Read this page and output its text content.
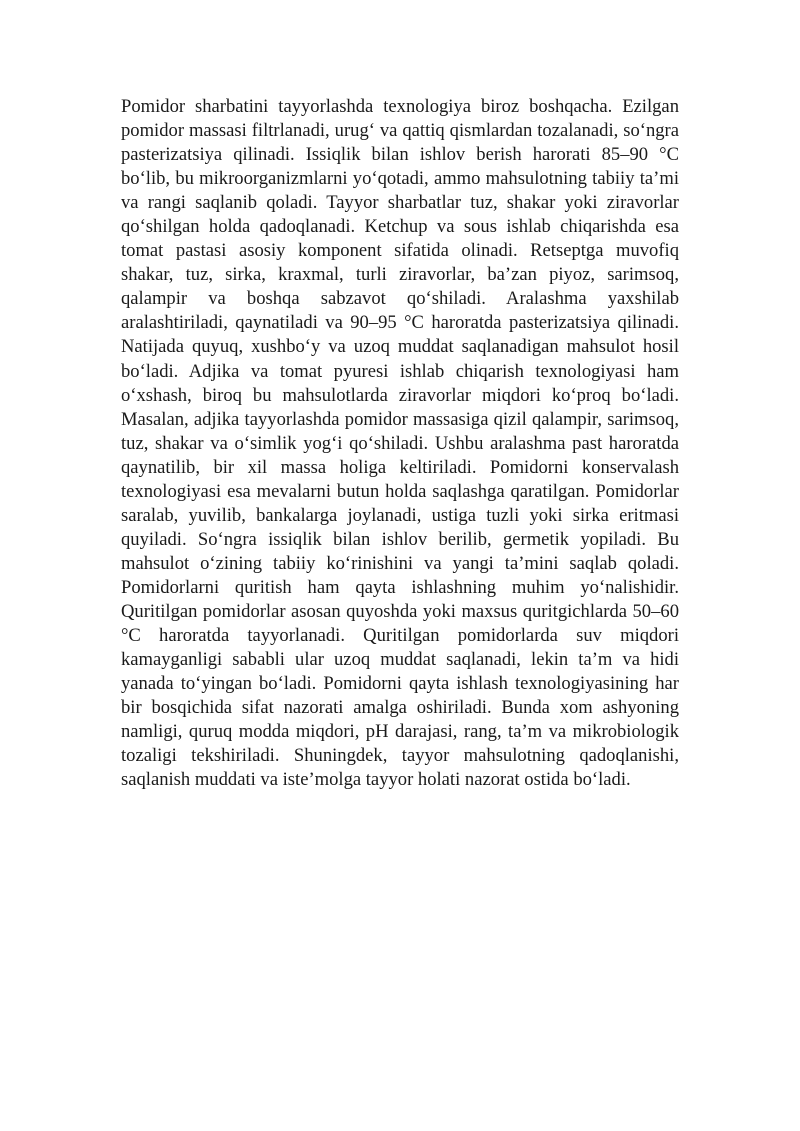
Pomidor sharbatini tayyorlashda texnologiya biroz boshqacha. Ezilgan pomidor massasi filtrlanadi, urug‘ va qattiq qismlardan tozalanadi, so‘ngra pasterizatsiya qilinadi. Issiqlik bilan ishlov berish harorati 85–90 °C bo‘lib, bu mikroorganizmlarni yo‘qotadi, ammo mahsulotning tabiiy ta’mi va rangi saqlanib qoladi. Tayyor sharbatlar tuz, shakar yoki ziravorlar qo‘shilgan holda qadoqlanadi. Ketchup va sous ishlab chiqarishda esa tomat pastasi asosiy komponent sifatida olinadi. Retseptga muvofiq shakar, tuz, sirka, kraxmal, turli ziravorlar, ba’zan piyoz, sarimsoq, qalampir va boshqa sabzavot qo‘shiladi. Aralashma yaxshilab aralashtiriladi, qaynatiladi va 90–95 °C haroratda pasterizatsiya qilinadi. Natijada quyuq, xushbo‘y va uzoq muddat saqlanadigan mahsulot hosil bo‘ladi. Adjika va tomat pyuresi ishlab chiqarish texnologiyasi ham o‘xshash, biroq bu mahsulotlarda ziravorlar miqdori ko‘proq bo‘ladi. Masalan, adjika tayyorlashda pomidor massasiga qizil qalampir, sarimsoq, tuz, shakar va o‘simlik yog‘i qo‘shiladi. Ushbu aralashma past haroratda qaynatilib, bir xil massa holiga keltiriladi. Pomidorni konservalash texnologiyasi esa mevalarni butun holda saqlashga qaratilgan. Pomidorlar saralab, yuvilib, bankalarga joylanadi, ustiga tuzli yoki sirka eritmasi quyiladi. So‘ngra issiqlik bilan ishlov berilib, germetik yopiladi. Bu mahsulot o‘zining tabiiy ko‘rinishini va yangi ta’mini saqlab qoladi. Pomidorlarni quritish ham qayta ishlashning muhim yo‘nalishidir. Quritilgan pomidorlar asosan quyoshda yoki maxsus quritgichlarda 50–60 °C haroratda tayyorlanadi. Quritilgan pomidorlarda suv miqdori kamayganligi sababli ular uzoq muddat saqlanadi, lekin ta’m va hidi yanada to‘yingan bo‘ladi. Pomidorni qayta ishlash texnologiyasining har bir bosqichida sifat nazorati amalga oshiriladi. Bunda xom ashyoning namligi, quruq modda miqdori, pH darajasi, rang, ta’m va mikrobiologik tozaligi tekshiriladi. Shuningdek, tayyor mahsulotning qadoqlanishi, saqlanish muddati va iste’molga tayyor holati nazorat ostida bo‘ladi.
